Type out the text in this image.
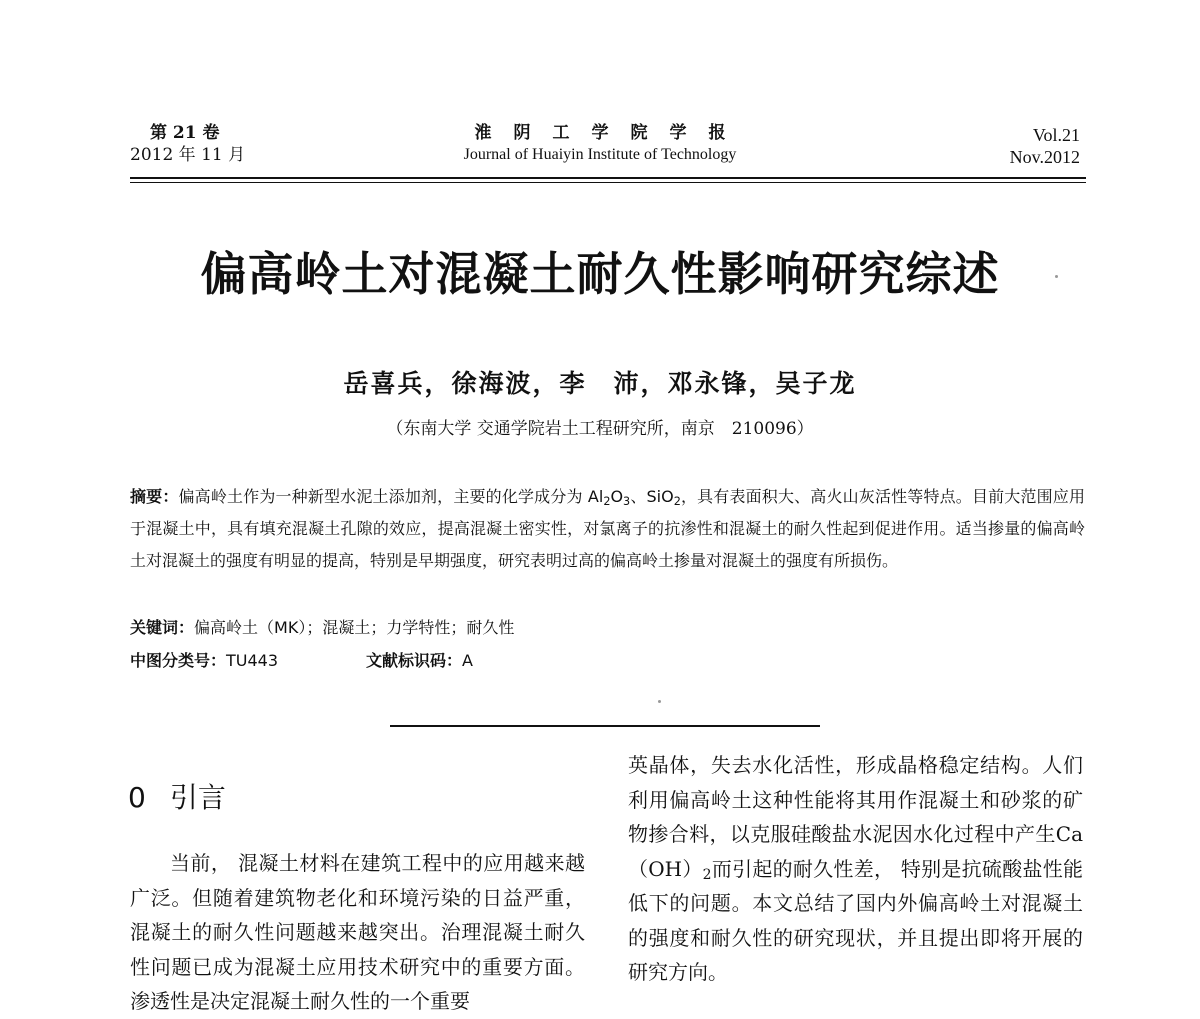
第 21 卷
2012 年 11 月
淮阴工学院学报
Journal of Huaiyin Institute of Technology
Vol.21
Nov.2012
偏高岭土对混凝土耐久性影响研究综述
岳喜兵，徐海波，李　沛，邓永锋，吴子龙
（东南大学 交通学院岩土工程研究所，南京　210096）
摘要：偏高岭土作为一种新型水泥土添加剂，主要的化学成分为 $Al_2O_3$、SiO$_2$，具有表面积大、高火山灰活性等特点。目前大范围应用于混凝土中，具有填充混凝土孔隙的效应，提高混凝土密实性，对氯离子的抗渗性和混凝土的耐久性起到促进作用。适当掺量的偏高岭土对混凝土的强度有明显的提高，特别是早期强度，研究表明过高的偏高岭土掺量对混凝土的强度有所损伤。
关键词：偏高岭土（MK）；混凝土；力学特性；耐久性
中图分类号：TU443	文献标识码：A
0 引言
当前， 混凝土材料在建筑工程中的应用越来越广泛。但随着建筑物老化和环境污染的日益严重， 混凝土的耐久性问题越来越突出。治理混凝土耐久性问题已成为混凝土应用技术研究中的重要方面。渗透性是决定混凝土耐久性的一个重要
英晶体，失去水化活性，形成晶格稳定结构。人们利用偏高岭土这种性能将其用作混凝土和砂浆的矿物掺合料，以克服硅酸盐水泥因水化过程中产生$Ca(OH)_2$而引起的耐久性差， 特别是抗硫酸盐性能低下的问题。本文总结了国内外偏高岭土对混凝土的强度和耐久性的研究现状，并且提出即将开展的研究方向。
